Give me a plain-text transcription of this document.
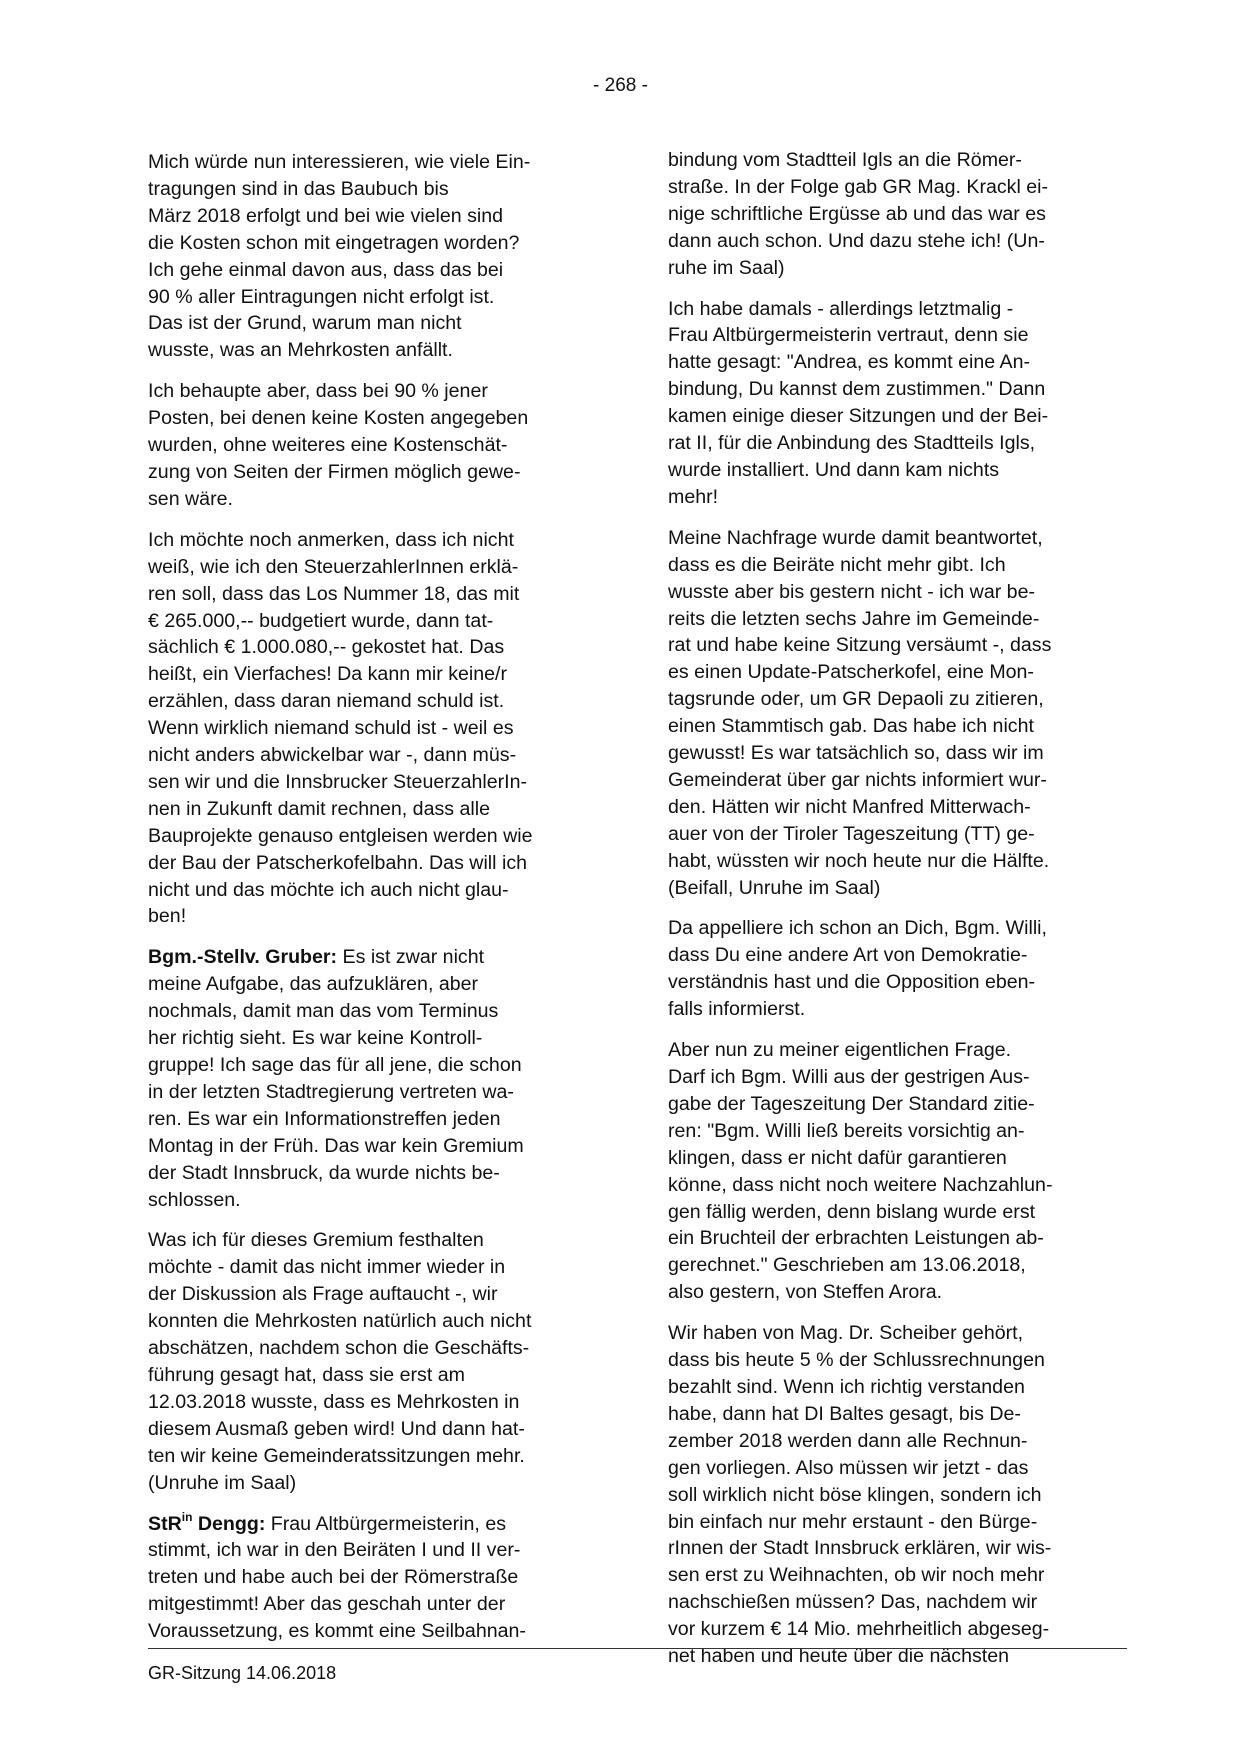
- 268 -

Mich würde nun interessieren, wie viele Ein-
tragungen sind in das Baubuch bis
März 2018 erfolgt und bei wie vielen sind
die Kosten schon mit eingetragen worden?
Ich gehe einmal davon aus, dass das bei
90 % aller Eintragungen nicht erfolgt ist.
Das ist der Grund, warum man nicht
wusste, was an Mehrkosten anfällt.

Ich behaupte aber, dass bei 90 % jener
Posten, bei denen keine Kosten angegeben
wurden, ohne weiteres eine Kostenschät-
zung von Seiten der Firmen möglich gewe-
sen wäre.

Ich möchte noch anmerken, dass ich nicht
weiß, wie ich den SteuerzahlerInnen erklä-
ren soll, dass das Los Nummer 18, das mit
€ 265.000,-- budgetiert wurde, dann tat-
sächlich € 1.000.080,-- gekostet hat. Das
heißt, ein Vierfaches! Da kann mir keine/r
erzählen, dass daran niemand schuld ist.
Wenn wirklich niemand schuld ist - weil es
nicht anders abwickelbar war -, dann müs-
sen wir und die Innsbrucker SteuerzahlerIn-
nen in Zukunft damit rechnen, dass alle
Bauprojekte genauso entgleisen werden wie
der Bau der Patscherkofelbahn. Das will ich
nicht und das möchte ich auch nicht glau-
ben!

Bgm.-Stellv. Gruber: Es ist zwar nicht
meine Aufgabe, das aufzuklären, aber
nochmals, damit man das vom Terminus
her richtig sieht. Es war keine Kontroll-
gruppe! Ich sage das für all jene, die schon
in der letzten Stadtregierung vertreten wa-
ren. Es war ein Informationstreffen jeden
Montag in der Früh. Das war kein Gremium
der Stadt Innsbruck, da wurde nichts be-
schlossen.

Was ich für dieses Gremium festhalten
möchte - damit das nicht immer wieder in
der Diskussion als Frage auftaucht -, wir
konnten die Mehrkosten natürlich auch nicht
abschätzen, nachdem schon die Geschäfts-
führung gesagt hat, dass sie erst am
12.03.2018 wusste, dass es Mehrkosten in
diesem Ausmaß geben wird! Und dann hat-
ten wir keine Gemeinderatssitzungen mehr.
(Unruhe im Saal)

StR$^{in}$ Dengg: Frau Altbürgermeisterin, es
stimmt, ich war in den Beiräten I und II ver-
treten und habe auch bei der Römerstraße
mitgestimmt! Aber das geschah unter der
Voraussetzung, es kommt eine Seilbahnan-

bindung vom Stadtteil Igls an die Römer-
straße. In der Folge gab GR Mag. Krackl ei-
nige schriftliche Ergüsse ab und das war es
dann auch schon. Und dazu stehe ich! (Un-
ruhe im Saal)

Ich habe damals - allerdings letztmalig -
Frau Altbürgermeisterin vertraut, denn sie
hatte gesagt: "Andrea, es kommt eine An-
bindung, Du kannst dem zustimmen." Dann
kamen einige dieser Sitzungen und der Bei-
rat II, für die Anbindung des Stadtteils Igls,
wurde installiert. Und dann kam nichts
mehr!

Meine Nachfrage wurde damit beantwortet,
dass es die Beiräte nicht mehr gibt. Ich
wusste aber bis gestern nicht - ich war be-
reits die letzten sechs Jahre im Gemeinde-
rat und habe keine Sitzung versäumt -, dass
es einen Update-Patscherkofel, eine Mon-
tagsrunde oder, um GR Depaoli zu zitieren,
einen Stammtisch gab. Das habe ich nicht
gewusst! Es war tatsächlich so, dass wir im
Gemeinderat über gar nichts informiert wur-
den. Hätten wir nicht Manfred Mitterwach-
auer von der Tiroler Tageszeitung (TT) ge-
habt, wüssten wir noch heute nur die Hälfte.
(Beifall, Unruhe im Saal)

Da appelliere ich schon an Dich, Bgm. Willi,
dass Du eine andere Art von Demokratie-
verständnis hast und die Opposition eben-
falls informierst.

Aber nun zu meiner eigentlichen Frage.
Darf ich Bgm. Willi aus der gestrigen Aus-
gabe der Tageszeitung Der Standard zitie-
ren: "Bgm. Willi ließ bereits vorsichtig an-
klingen, dass er nicht dafür garantieren
könne, dass nicht noch weitere Nachzahlun-
gen fällig werden, denn bislang wurde erst
ein Bruchteil der erbrachten Leistungen ab-
gerechnet." Geschrieben am 13.06.2018,
also gestern, von Steffen Arora.

Wir haben von Mag. Dr. Scheiber gehört,
dass bis heute 5 % der Schlussrechnungen
bezahlt sind. Wenn ich richtig verstanden
habe, dann hat DI Baltes gesagt, bis De-
zember 2018 werden dann alle Rechnun-
gen vorliegen. Also müssen wir jetzt - das
soll wirklich nicht böse klingen, sondern ich
bin einfach nur mehr erstaunt - den Bürge-
rInnen der Stadt Innsbruck erklären, wir wis-
sen erst zu Weihnachten, ob wir noch mehr
nachschießen müssen? Das, nachdem wir
vor kurzem € 14 Mio. mehrheitlich abgeseg-
net haben und heute über die nächsten

GR-Sitzung 14.06.2018
